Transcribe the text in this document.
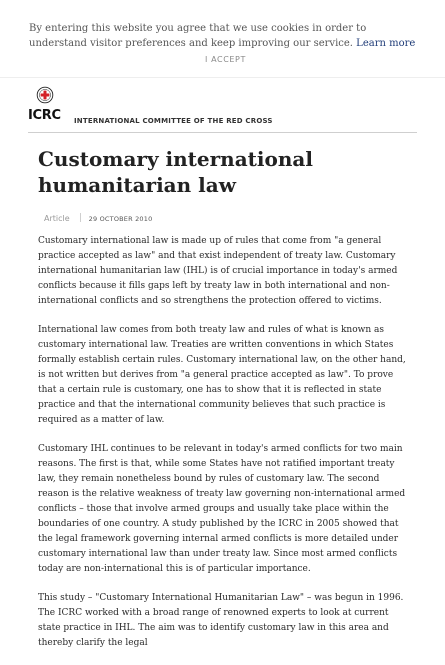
By entering this website you agree that we use cookies in order to understand visitor preferences and keep improving our service. Learn more
I ACCEPT
ICRC INTERNATIONAL COMMITTEE OF THE RED CROSS
Customary international humanitarian law
Article	29 OCTOBER 2010

Customary international law is made up of rules that come from "a general practice accepted as law" and that exist independent of treaty law. Customary international humanitarian law (IHL) is of crucial importance in today's armed conflicts because it fills gaps left by treaty law in both international and non-international conflicts and so strengthens the protection offered to victims.

International law comes from both treaty law and rules of what is known as customary international law. Treaties are written conventions in which States formally establish certain rules. Customary international law, on the other hand, is not written but derives from "a general practice accepted as law". To prove that a certain rule is customary, one has to show that it is reflected in state practice and that the international community believes that such practice is required as a matter of law.

Customary IHL continues to be relevant in today's armed conflicts for two main reasons. The first is that, while some States have not ratified important treaty law, they remain nonetheless bound by rules of customary law. The second reason is the relative weakness of treaty law governing non-international armed conflicts – those that involve armed groups and usually take place within the boundaries of one country. A study published by the ICRC in 2005 showed that the legal framework governing internal armed conflicts is more detailed under customary international law than under treaty law. Since most armed conflicts today are non-international this is of particular importance.

This study – "Customary International Humanitarian Law" – was begun in 1996. The ICRC worked with a broad range of renowned experts to look at current state practice in IHL. The aim was to identify customary law in this area and thereby clarify the legal
